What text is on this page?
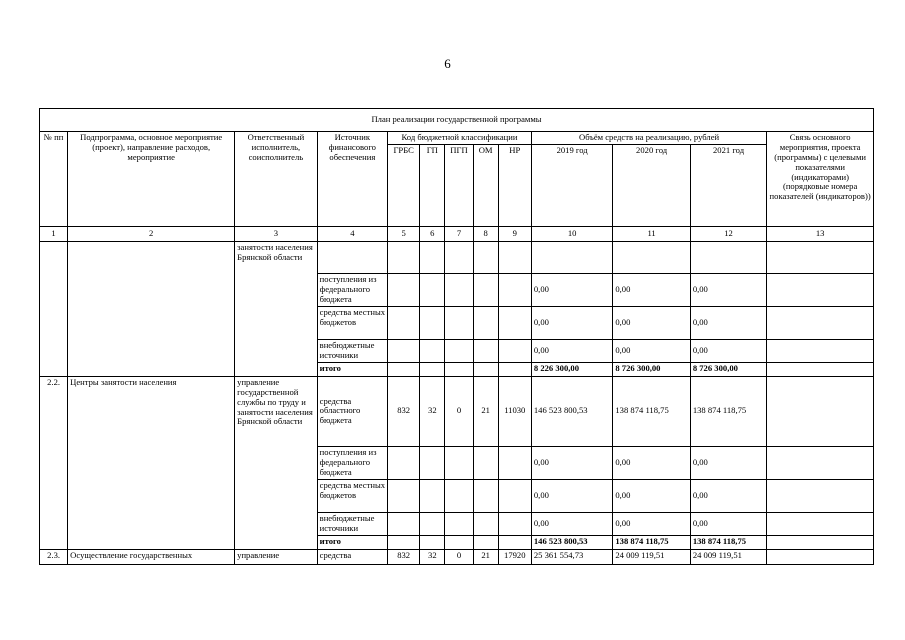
6
План реализации государственной программы												
№ пп	Подпрограмма, основное мероприятие (проект), направление расходов, мероприятие	Ответственный исполнитель, соисполнитель	Источник финансового обеспечения	Код бюджетной классификации					Объём средств на реализацию, рублей			Связь основного мероприятия, проекта (программы) с целевыми показателями (индикаторами) (порядковые номера показателей (индикаторов))
				ГРБС	ГП	ПГП	ОМ	НР	2019 год	2020 год	2021 год	
1	2	3	4	5	6	7	8	9	10	11	12	13
		занятости населения Брянской области										
			поступления из федерального бюджета						0,00	0,00	0,00	
			средства местных бюджетов						0,00	0,00	0,00	
			внебюджетные источники						0,00	0,00	0,00	
			итого						8 226 300,00	8 726 300,00	8 726 300,00	
2.2.	Центры занятости населения	управление государственной службы по труду и занятости населения Брянской области	средства областного бюджета	832	32	0	21	11030	146 523 800,53	138 874 118,75	138 874 118,75	
			поступления из федерального бюджета						0,00	0,00	0,00	
			средства местных бюджетов						0,00	0,00	0,00	
			внебюджетные источники						0,00	0,00	0,00	
			итого						146 523 800,53	138 874 118,75	138 874 118,75	
2.3.	Осуществление государственных	управление	средства	832	32	0	21	17920	25 361 554,73	24 009 119,51	24 009 119,51	
